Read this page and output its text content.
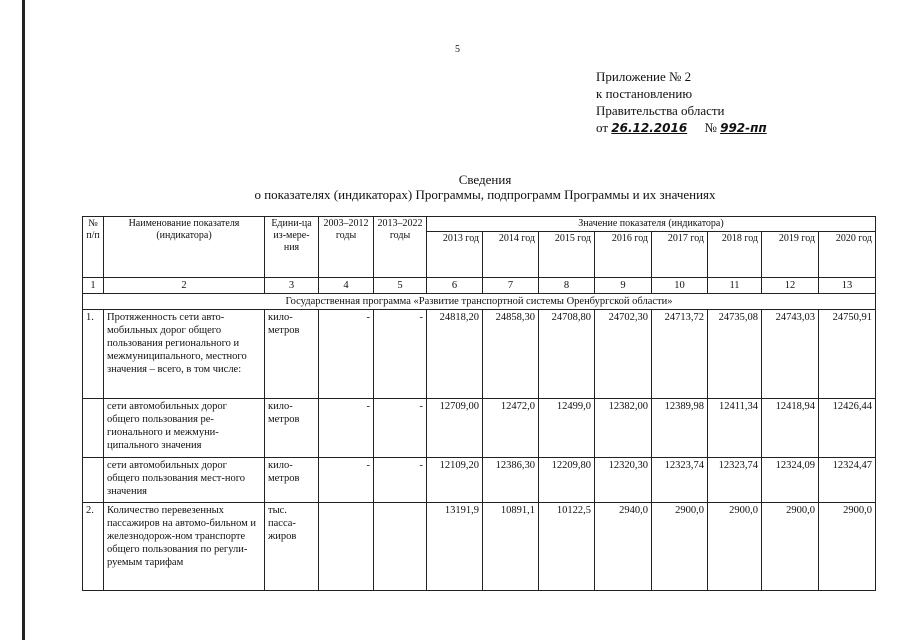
5
Приложение № 2
к постановлению
Правительства области
от 26.12.2016 № 992-пп
Сведения
о показателях (индикаторах) Программы, подпрограмм Программы и их значениях
№ п/п	Наименование показателя (индикатора)	Едини-ца из-мере-ния	2003–2012 годы	2013–2022 годы	Значение показателя (индикатора)							
					2013 год	2014 год	2015 год	2016 год	2017 год	2018 год	2019 год	2020 год
1	2	3	4	5	6	7	8	9	10	11	12	13
Государственная программа «Развитие транспортной системы Оренбургской области»												
1.	Протяженность сети авто-мобильных дорог общего пользования регионального и межмуниципального, местного значения – всего, в том числе:	кило-метров	-	-	24818,20	24858,30	24708,80	24702,30	24713,72	24735,08	24743,03	24750,91
	сети автомобильных дорог общего пользования ре-гионального и межмуни-ципального значения	кило-метров	-	-	12709,00	12472,0	12499,0	12382,00	12389,98	12411,34	12418,94	12426,44
	сети автомобильных дорог общего пользования мест-ного значения	кило-метров	-	-	12109,20	12386,30	12209,80	12320,30	12323,74	12323,74	12324,09	12324,47
2.	Количество перевезенных пассажиров на автомо-бильном и железнодорож-ном транспорте общего пользования по регули-руемым тарифам	тыс. пасса-жиров			13191,9	10891,1	10122,5	2940,0	2900,0	2900,0	2900,0	2900,0
